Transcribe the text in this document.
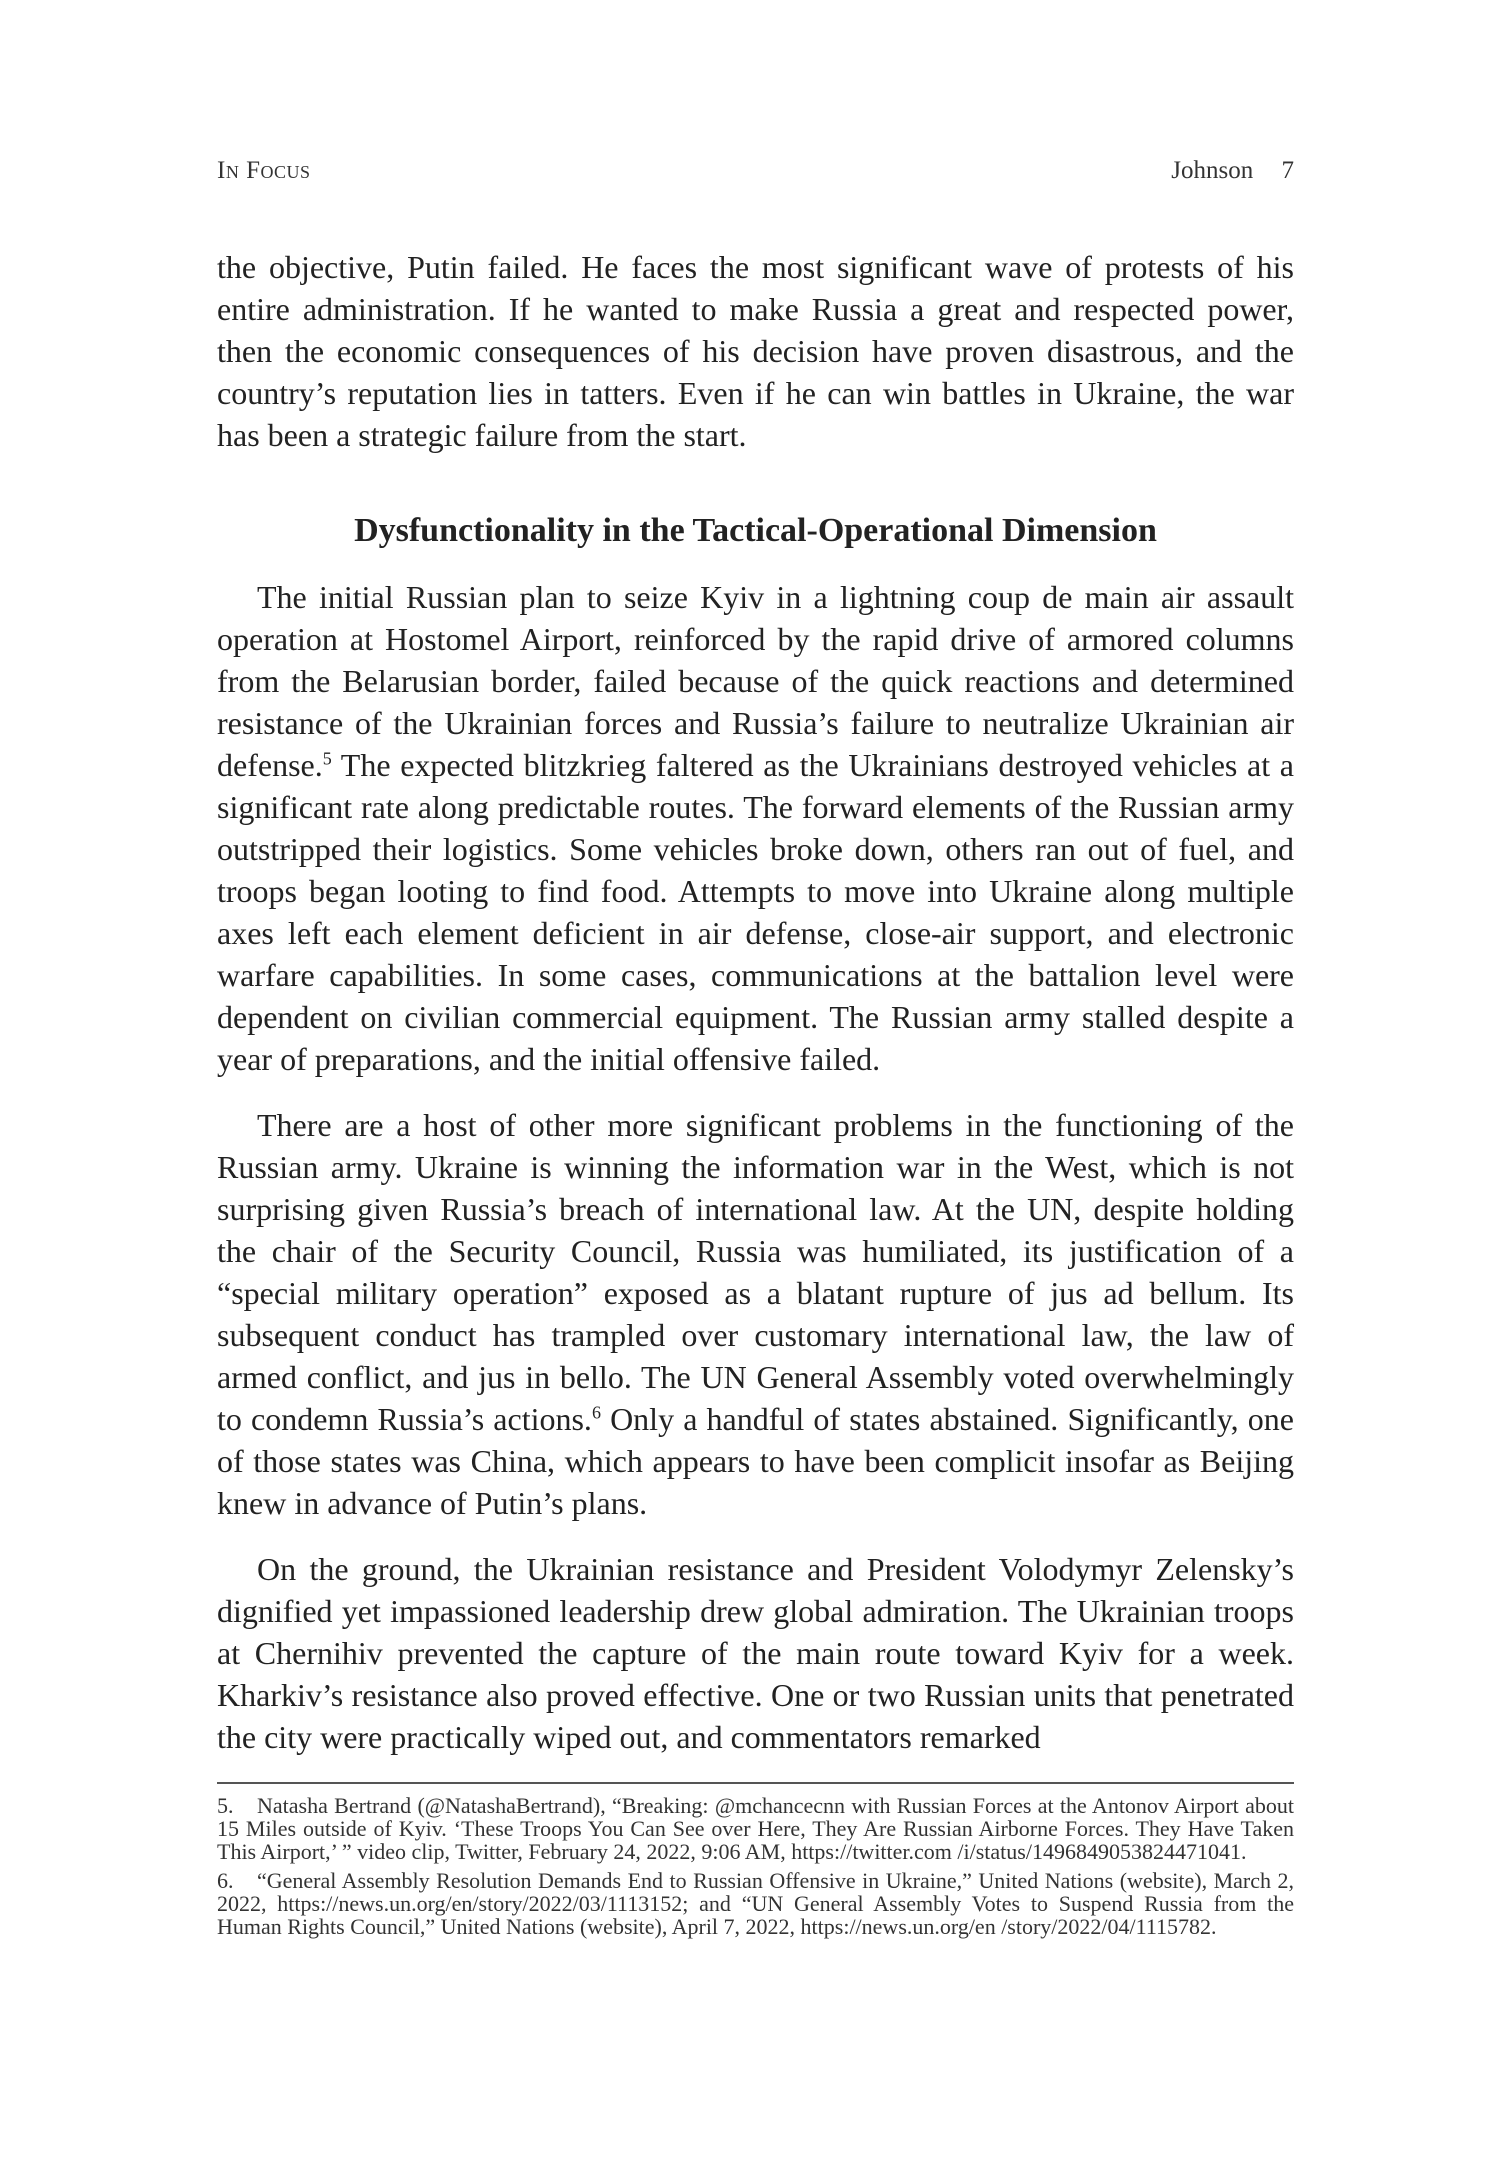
In Focus	Johnson 7

the objective, Putin failed. He faces the most significant wave of protests of his entire administration. If he wanted to make Russia a great and respected power, then the economic consequences of his decision have proven disastrous, and the country’s reputation lies in tatters. Even if he can win battles in Ukraine, the war has been a strategic failure from the start.

Dysfunctionality in the Tactical-Operational Dimension

The initial Russian plan to seize Kyiv in a lightning coup de main air assault operation at Hostomel Airport, reinforced by the rapid drive of armored columns from the Belarusian border, failed because of the quick reactions and determined resistance of the Ukrainian forces and Russia’s failure to neutralize Ukrainian air defense.$^5$ The expected blitzkrieg faltered as the Ukrainians destroyed vehicles at a significant rate along predictable routes. The forward elements of the Russian army outstripped their logistics. Some vehicles broke down, others ran out of fuel, and troops began looting to find food. Attempts to move into Ukraine along multiple axes left each element deficient in air defense, close-air support, and electronic warfare capabilities. In some cases, communications at the battalion level were dependent on civilian commercial equipment. The Russian army stalled despite a year of preparations, and the initial offensive failed.

There are a host of other more significant problems in the functioning of the Russian army. Ukraine is winning the information war in the West, which is not surprising given Russia’s breach of international law. At the UN, despite holding the chair of the Security Council, Russia was humiliated, its justification of a “special military operation” exposed as a blatant rupture of jus ad bellum. Its subsequent conduct has trampled over customary international law, the law of armed conflict, and jus in bello. The UN General Assembly voted overwhelmingly to condemn Russia’s actions.$^6$ Only a handful of states abstained. Significantly, one of those states was China, which appears to have been complicit insofar as Beijing knew in advance of Putin’s plans.

On the ground, the Ukrainian resistance and President Volodymyr Zelensky’s dignified yet impassioned leadership drew global admiration. The Ukrainian troops at Chernihiv prevented the capture of the main route toward Kyiv for a week. Kharkiv’s resistance also proved effective. One or two Russian units that penetrated the city were practically wiped out, and commentators remarked

5. Natasha Bertrand (@NatashaBertrand), “Breaking: @mchancecnn with Russian Forces at the Antonov Airport about 15 Miles outside of Kyiv. ‘These Troops You Can See over Here, They Are Russian Airborne Forces. They Have Taken This Airport,’ ” video clip, Twitter, February 24, 2022, 9:06 AM, https://twitter.com /i/status/1496849053824471041.

6. “General Assembly Resolution Demands End to Russian Offensive in Ukraine,” United Nations (website), March 2, 2022, https://news.un.org/en/story/2022/03/1113152; and “UN General Assembly Votes to Suspend Russia from the Human Rights Council,” United Nations (website), April 7, 2022, https://news.un.org/en /story/2022/04/1115782.
